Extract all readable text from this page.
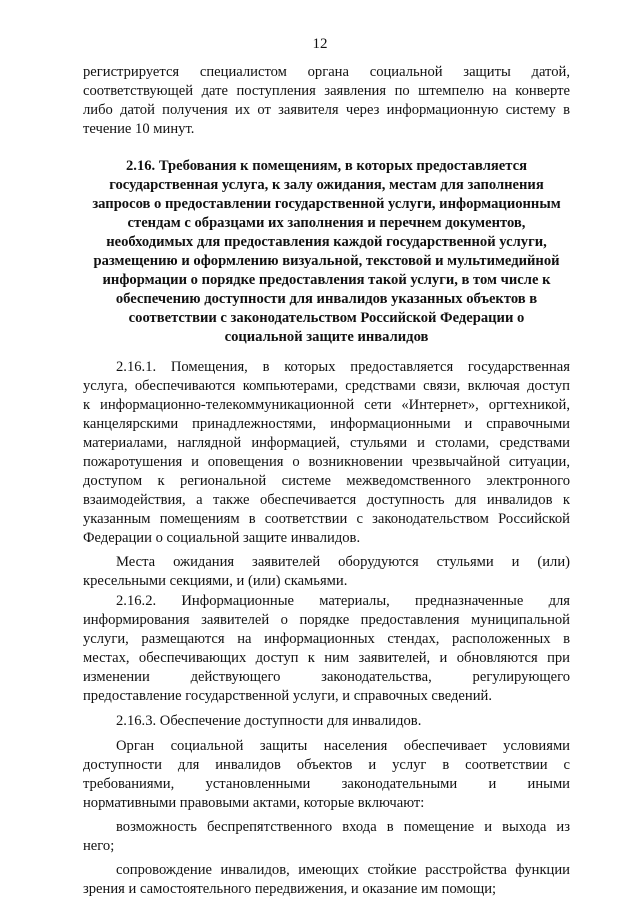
12
регистрируется специалистом органа социальной защиты датой,
соответствующей дате поступления заявления по штемпелю на конверте
либо датой получения их от заявителя через информационную систему в
течение 10 минут.
2.16. Требования к помещениям, в которых предоставляется
государственная услуга, к залу ожидания, местам для заполнения
запросов о предоставлении государственной услуги, информационным
стендам с образцами их заполнения и перечнем документов,
необходимых для предоставления каждой государственной услуги,
размещению и оформлению визуальной, текстовой и мультимедийной
информации о порядке предоставления такой услуги, в том числе к
обеспечению доступности для инвалидов указанных объектов в
соответствии с законодательством Российской Федерации о
социальной защите инвалидов
2.16.1. Помещения, в которых предоставляется государственная
услуга, обеспечиваются компьютерами, средствами связи, включая доступ
к информационно-телекоммуникационной сети «Интернет», оргтехникой,
канцелярскими принадлежностями, информационными и справочными
материалами, наглядной информацией, стульями и столами, средствами
пожаротушения и оповещения о возникновении чрезвычайной ситуации,
доступом к региональной системе межведомственного электронного
взаимодействия, а также обеспечивается доступность для инвалидов к
указанным помещениям в соответствии с законодательством Российской
Федерации о социальной защите инвалидов.
Места ожидания заявителей оборудуются стульями и (или)
кресельными секциями, и (или) скамьями.
2.16.2. Информационные материалы, предназначенные для
информирования заявителей о порядке предоставления муниципальной
услуги, размещаются на информационных стендах, расположенных в
местах, обеспечивающих доступ к ним заявителей, и обновляются при
изменении действующего законодательства, регулирующего
предоставление государственной услуги, и справочных сведений.
2.16.3. Обеспечение доступности для инвалидов.
Орган социальной защиты населения обеспечивает условиями
доступности для инвалидов объектов и услуг в соответствии с
требованиями, установленными законодательными и иными
нормативными правовыми актами, которые включают:
возможность беспрепятственного входа в помещение и выхода из
него;
сопровождение инвалидов, имеющих стойкие расстройства функции
зрения и самостоятельного передвижения, и оказание им помощи;
